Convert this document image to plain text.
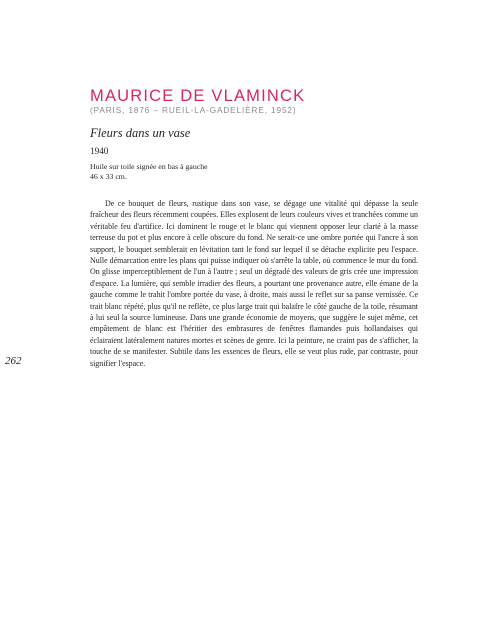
MAURICE DE VLAMINCK
(PARIS, 1876 – RUEIL-LA-GADELIÈRE, 1952)
Fleurs dans un vase
1940
Huile sur toile signée en bas à gauche
46 x 33 cm.

De ce bouquet de fleurs, rustique dans son vase, se dégage une vitalité qui dépasse la seule fraîcheur des fleurs récemment coupées. Elles explosent de leurs couleurs vives et tranchées comme un véritable feu d'artifice. Ici dominent le rouge et le blanc qui viennent opposer leur clarté à la masse terreuse du pot et plus encore à celle obscure du fond. Ne serait-ce une ombre portée qui l'ancre à son support, le bouquet semblerait en lévitation tant le fond sur lequel il se détache explicite peu l'espace. Nulle démarcation entre les plans qui puisse indiquer où s'arrête la table, où commence le mur du fond. On glisse imperceptiblement de l'un à l'autre ; seul un dégradé des valeurs de gris crée une impression d'espace. La lumière, qui semble irradier des fleurs, a pourtant une provenance autre, elle émane de la gauche comme le trahit l'ombre portée du vase, à droite, mais aussi le reflet sur sa panse vernissée. Ce trait blanc répété, plus qu'il ne reflète, ce plus large trait qui balafre le côté gauche de la toile, résumant à lui seul la source lumineuse. Dans une grande économie de moyens, que suggère le sujet même, cet empâtement de blanc est l'héritier des embrasures de fenêtres flamandes puis hollandaises qui éclairaient latéralement natures mortes et scènes de genre. Ici la peinture, ne craint pas de s'afficher, la touche de se manifester. Subtile dans les essences de fleurs, elle se veut plus rude, par contraste, pour signifier l'espace.

262
